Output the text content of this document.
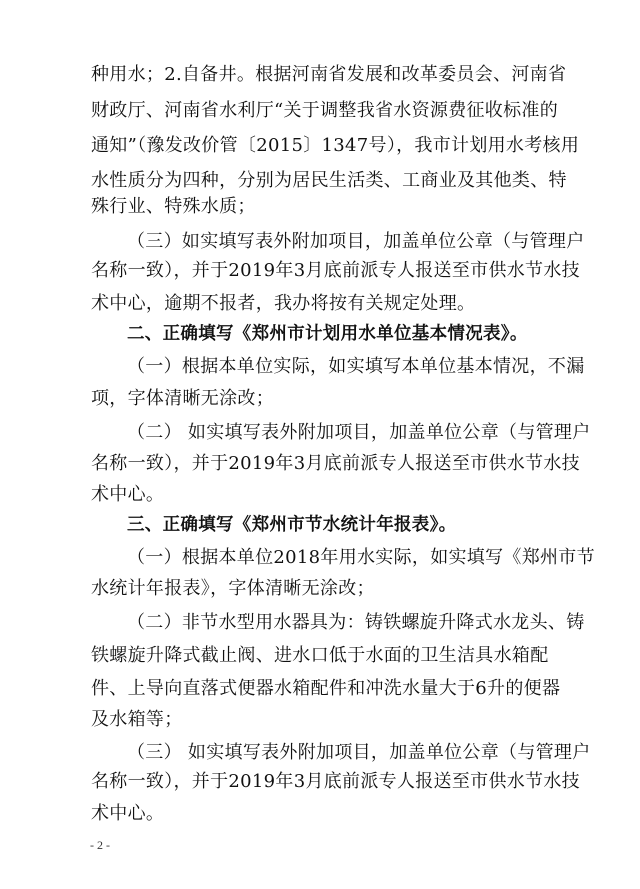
种用水；2.自备井。根据河南省发展和改革委员会、河南省
财政厅、河南省水利厅“关于调整我省水资源费征收标准的
通知”（豫发改价管〔2015〕1347号），我市计划用水考核用
水性质分为四种，分别为居民生活类、工商业及其他类、特
殊行业、特殊水质；
（三）如实填写表外附加项目，加盖单位公章（与管理户
名称一致），并于2019年3月底前派专人报送至市供水节水技
术中心，逾期不报者，我办将按有关规定处理。
二、正确填写《郑州市计划用水单位基本情况表》。
（一）根据本单位实际，如实填写本单位基本情况，不漏
项，字体清晰无涂改；
（二） 如实填写表外附加项目，加盖单位公章（与管理户
名称一致），并于2019年3月底前派专人报送至市供水节水技
术中心。
三、正确填写《郑州市节水统计年报表》。
（一）根据本单位2018年用水实际，如实填写《郑州市节
水统计年报表》，字体清晰无涂改；
（二）非节水型用水器具为：铸铁螺旋升降式水龙头、铸
铁螺旋升降式截止阀、进水口低于水面的卫生洁具水箱配
件、上导向直落式便器水箱配件和冲洗水量大于6升的便器
及水箱等；
（三） 如实填写表外附加项目，加盖单位公章（与管理户
名称一致），并于2019年3月底前派专人报送至市供水节水技
术中心。
- 2 -
